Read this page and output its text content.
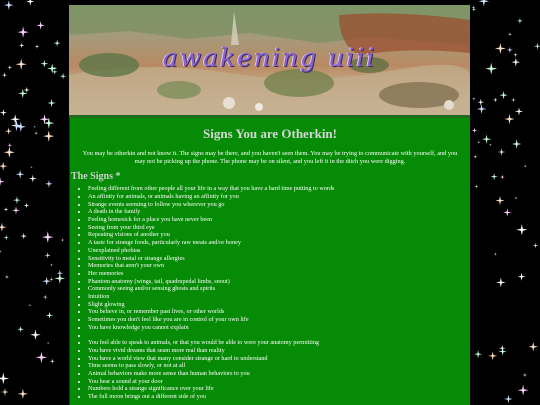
awakening uiii
Signs You are Otherkin!

You may be otherkin and not know it. The signs may be there, and you haven't seen them. You may be trying to communicate with yourself, and you may not be picking up the phone. The phone may be on silent, and you left it in the ditch you were digging.

The Signs *
• Feeling different from other people all your life in a way that you have a hard time putting to words
• An affinity for animals, or animals having an affinity for you
• Strange events seeming to follow you wherever you go
• A death in the family
• Feeling homesick for a place you have never been
• Seeing from your third eye
• Repeating visions of another you
• A taste for strange foods, particularly raw meats and/or honey
• Unexplained phobias
• Sensitivity to metal or strange allergies
• Memories that aren't your own
• Her memories
• Phantom anatomy (wings, tail, quadrupedal limbs, snout)
• Commonly seeing and/or sensing ghosts and spirits
• Intuition
• Slight glowing
• You believe in, or remember past lives, or other worlds
• Sometimes you don't feel like you are in control of your own life
• You have knowledge you cannot explain
•
• You feel able to speak to animals, or that you would be able to were your anatomy permitting
• You have vivid dreams that seam more real than reality
• You have a world view that many consider strange or hard to understand
• Time seems to pass slowly, or not at all
• Animal behaviors make more sense than human behaviors to you
• You hear a sound at your door
• Numbers hold a strange significance over your life
• The full moon brings out a different side of you
